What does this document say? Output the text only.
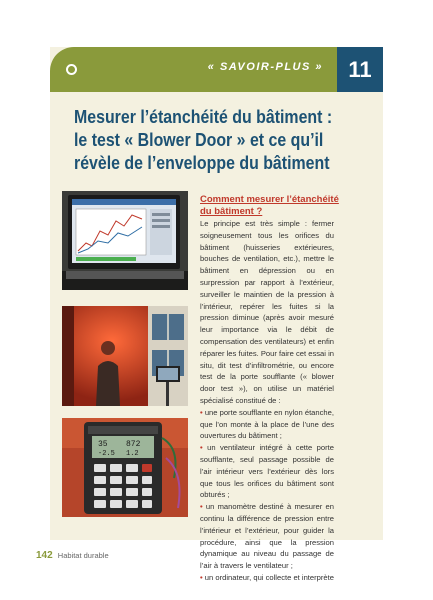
« SAVOIR-PLUS »	11
Mesurer l’étanchéité du bâtiment :
le test « Blower Door » et ce qu’il
révèle de l’enveloppe du bâtiment
35 872
-2.5 1.2
Comment mesurer l’étanchéité
du bâtiment ?

Le principe est très simple : fermer soigneusement tous les orifices du bâtiment (huisseries extérieures, bouches de ventilation, etc.), mettre le bâtiment en dépression ou en surpression par rapport à l’extérieur, surveiller le maintien de la pression à l’intérieur, repérer les fuites si la pression diminue (après avoir mesuré leur importance via le débit de compensation des ventilateurs) et enfin réparer les fuites. Pour faire cet essai in situ, dit test d’infiltrométrie, ou encore test de la porte soufflante (« blower door test »), on utilise un matériel spécialisé constitué de :

• une porte soufflante en nylon étanche, que l’on monte à la place de l’une des ouvertures du bâtiment ;

• un ventilateur intégré à cette porte soufflante, seul passage possible de l’air intérieur vers l’extérieur dès lors que tous les orifices du bâtiment sont obturés ;

• un manomètre destiné à mesurer en continu la différence de pression entre l’intérieur et l’extérieur, pour guider la procédure, ainsi que la pression dynamique au niveau du passage de l’air à travers le ventilateur ;

• un ordinateur, qui collecte et interprète

142 Habitat durable
